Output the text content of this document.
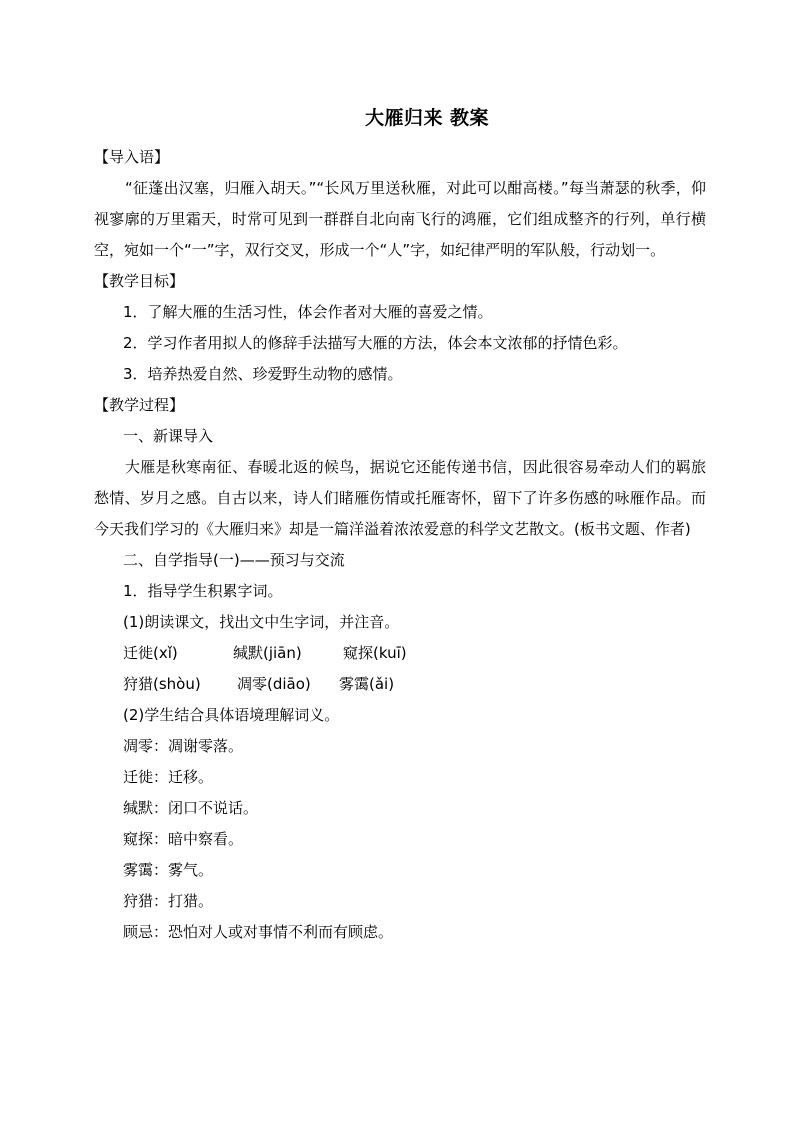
大雁归来 教案

【导入语】

“征蓬出汉塞，归雁入胡天。”“长风万里送秋雁，对此可以酣高楼。”每当萧瑟的秋季，仰视寥廓的万里霜天，时常可见到一群群自北向南飞行的鸿雁，它们组成整齐的行列，单行横空，宛如一个“一”字，双行交叉，形成一个“人”字，如纪律严明的军队般，行动划一。

【教学目标】

1．了解大雁的生活习性，体会作者对大雁的喜爱之情。

2．学习作者用拟人的修辞手法描写大雁的方法，体会本文浓郁的抒情色彩。

3．培养热爱自然、珍爱野生动物的感情。

【教学过程】

一、新课导入

大雁是秋寒南征、春暖北返的候鸟，据说它还能传递书信，因此很容易牵动人们的羁旅愁情、岁月之感。自古以来，诗人们睹雁伤情或托雁寄怀，留下了许多伤感的咏雁作品。而今天我们学习的《大雁归来》却是一篇洋溢着浓浓爱意的科学文艺散文。(板书文题、作者)

二、自学指导(一)——预习与交流

1．指导学生积累字词。

(1)朗读课文，找出文中生字词，并注音。

迁徙(xǐ)	缄默(jiān)	窥探(kuī)

狩猎(shòu) 凋零(diāo) 雾霭(ǎi)

(2)学生结合具体语境理解词义。

凋零：凋谢零落。

迁徙：迁移。

缄默：闭口不说话。

窥探：暗中察看。

雾霭：雾气。

狩猎：打猎。

顾忌：恐怕对人或对事情不利而有顾虑。
